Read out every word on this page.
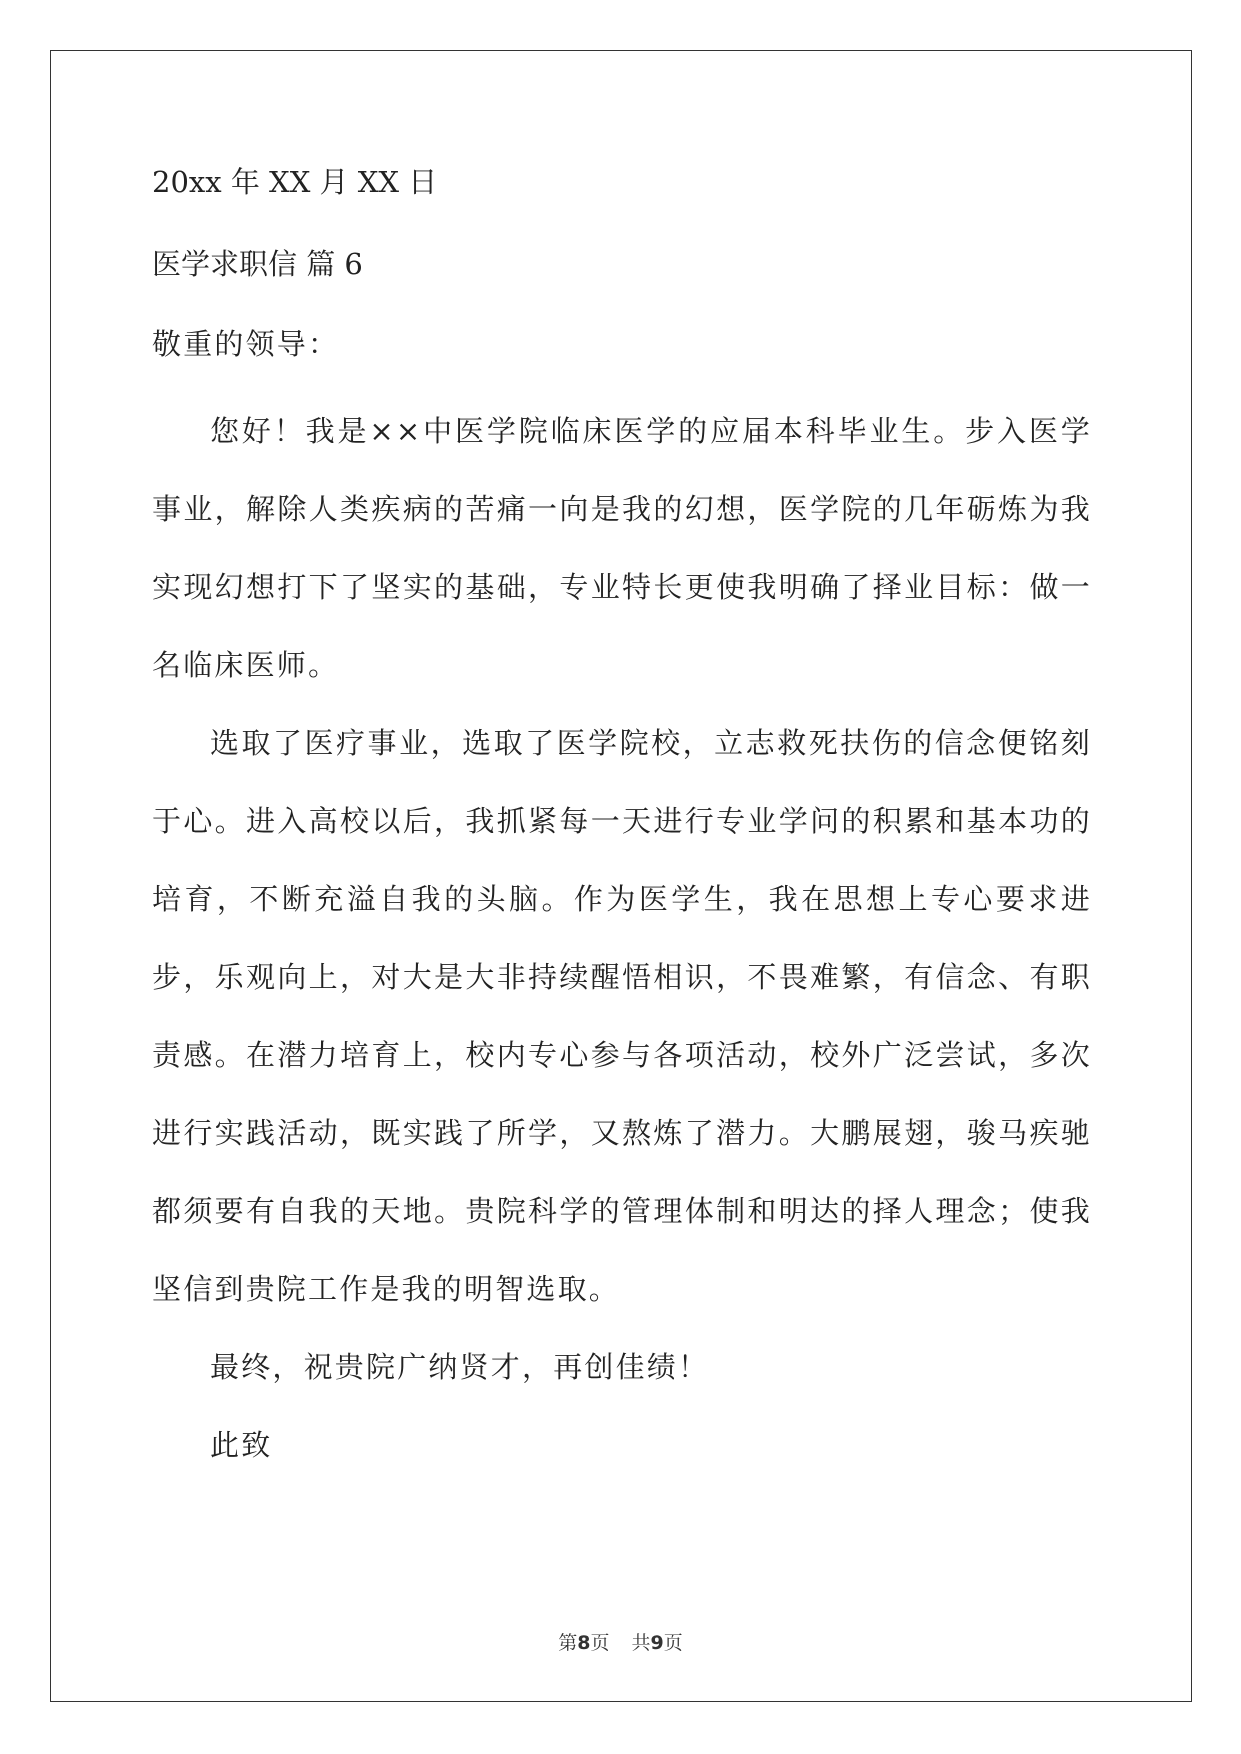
20xx 年 XX 月 XX 日

医学求职信 篇 6

敬重的领导：

您好！我是××中医学院临床医学的应届本科毕业生。步入医学事业，解除人类疾病的苦痛一向是我的幻想，医学院的几年砺炼为我实现幻想打下了坚实的基础，专业特长更使我明确了择业目标：做一名临床医师。

选取了医疗事业，选取了医学院校，立志救死扶伤的信念便铭刻于心。进入高校以后，我抓紧每一天进行专业学问的积累和基本功的培育，不断充溢自我的头脑。作为医学生，我在思想上专心要求进步，乐观向上，对大是大非持续醒悟相识，不畏难繁，有信念、有职责感。在潜力培育上，校内专心参与各项活动，校外广泛尝试，多次进行实践活动，既实践了所学，又熬炼了潜力。大鹏展翅，骏马疾驰都须要有自我的天地。贵院科学的管理体制和明达的择人理念；使我坚信到贵院工作是我的明智选取。

最终，祝贵院广纳贤才，再创佳绩！

此致

第8页 共9页
